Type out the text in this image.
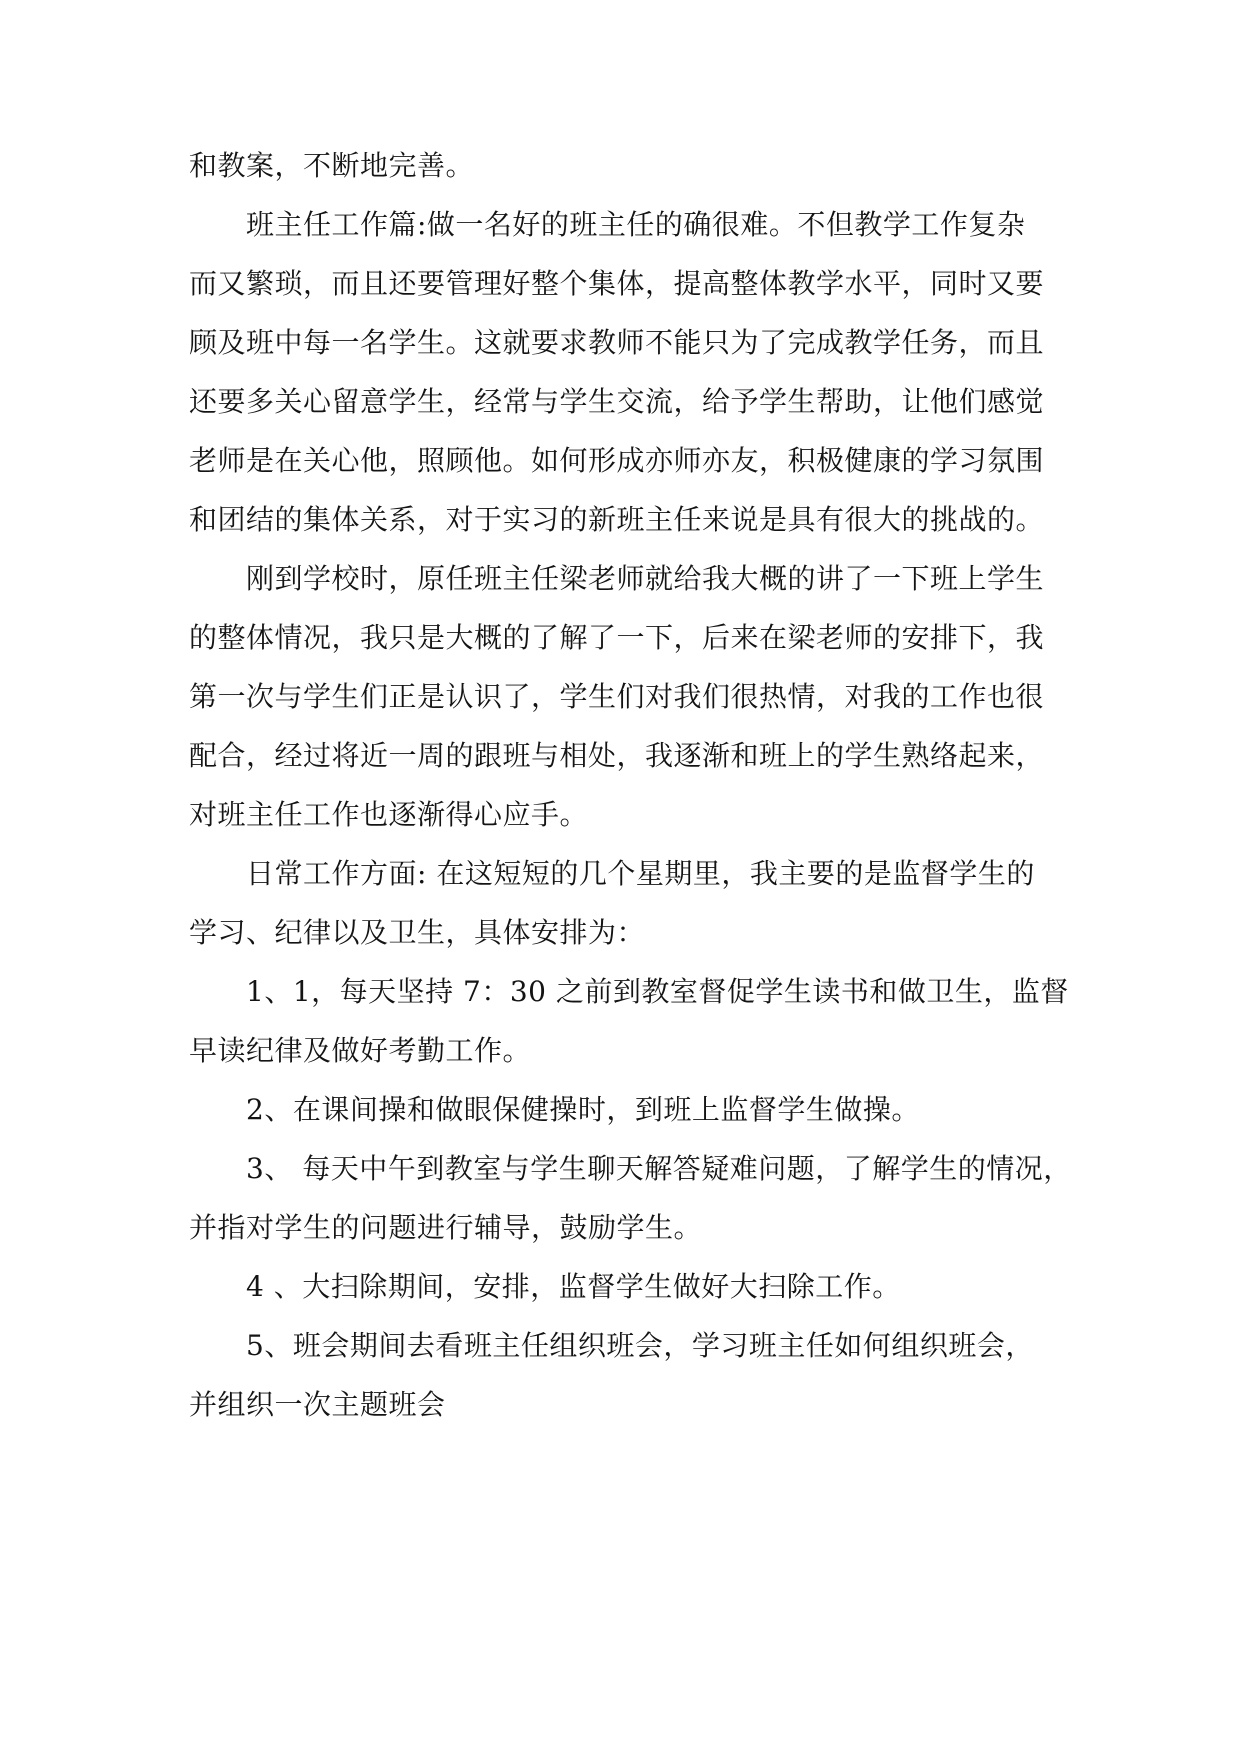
和教案，不断地完善。
班主任工作篇:做一名好的班主任的确很难。不但教学工作复杂
而又繁琐，而且还要管理好整个集体，提高整体教学水平，同时又要
顾及班中每一名学生。这就要求教师不能只为了完成教学任务，而且
还要多关心留意学生，经常与学生交流，给予学生帮助，让他们感觉
老师是在关心他，照顾他。如何形成亦师亦友，积极健康的学习氛围
和团结的集体关系，对于实习的新班主任来说是具有很大的挑战的。
刚到学校时，原任班主任梁老师就给我大概的讲了一下班上学生
的整体情况，我只是大概的了解了一下，后来在梁老师的安排下，我
第一次与学生们正是认识了，学生们对我们很热情，对我的工作也很
配合，经过将近一周的跟班与相处，我逐渐和班上的学生熟络起来，
对班主任工作也逐渐得心应手。
日常工作方面: 在这短短的几个星期里，我主要的是监督学生的
学习、纪律以及卫生，具体安排为：
1、1，每天坚持 7：30 之前到教室督促学生读书和做卫生，监督
早读纪律及做好考勤工作。
2、在课间操和做眼保健操时，到班上监督学生做操。
3、 每天中午到教室与学生聊天解答疑难问题，了解学生的情况，
并指对学生的问题进行辅导，鼓励学生。
4 、大扫除期间，安排，监督学生做好大扫除工作。
5、班会期间去看班主任组织班会，学习班主任如何组织班会，
并组织一次主题班会
